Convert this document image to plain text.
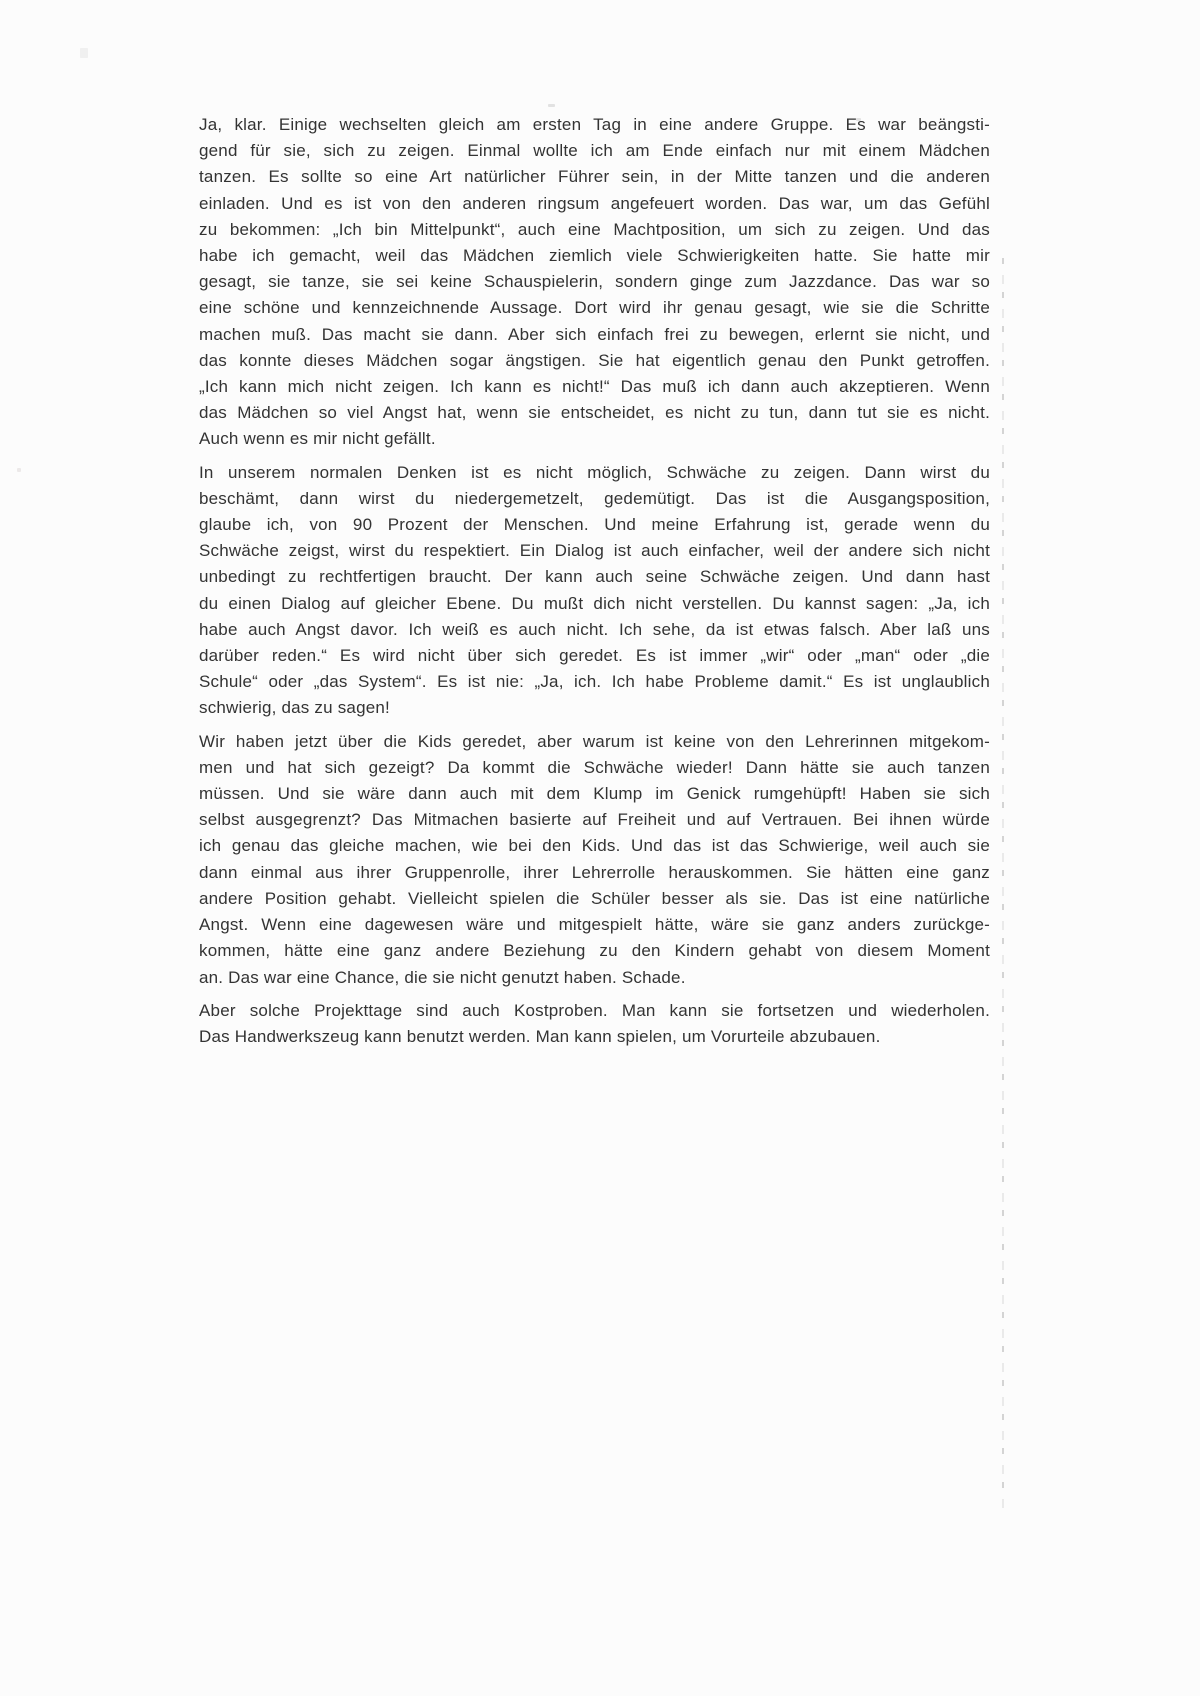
Ja, klar. Einige wechselten gleich am ersten Tag in eine andere Gruppe. Es war beängsti-
gend für sie, sich zu zeigen. Einmal wollte ich am Ende einfach nur mit einem Mädchen
tanzen. Es sollte so eine Art natürlicher Führer sein, in der Mitte tanzen und die anderen
einladen. Und es ist von den anderen ringsum angefeuert worden. Das war, um das Gefühl
zu bekommen: „Ich bin Mittelpunkt“, auch eine Machtposition, um sich zu zeigen. Und das
habe ich gemacht, weil das Mädchen ziemlich viele Schwierigkeiten hatte. Sie hatte mir
gesagt, sie tanze, sie sei keine Schauspielerin, sondern ginge zum Jazzdance. Das war so
eine schöne und kennzeichnende Aussage. Dort wird ihr genau gesagt, wie sie die Schritte
machen muß. Das macht sie dann. Aber sich einfach frei zu bewegen, erlernt sie nicht, und
das konnte dieses Mädchen sogar ängstigen. Sie hat eigentlich genau den Punkt getroffen.
„Ich kann mich nicht zeigen. Ich kann es nicht!“ Das muß ich dann auch akzeptieren. Wenn
das Mädchen so viel Angst hat, wenn sie entscheidet, es nicht zu tun, dann tut sie es nicht.
Auch wenn es mir nicht gefällt.
In unserem normalen Denken ist es nicht möglich, Schwäche zu zeigen. Dann wirst du
beschämt, dann wirst du niedergemetzelt, gedemütigt. Das ist die Ausgangsposition,
glaube ich, von 90 Prozent der Menschen. Und meine Erfahrung ist, gerade wenn du
Schwäche zeigst, wirst du respektiert. Ein Dialog ist auch einfacher, weil der andere sich nicht
unbedingt zu rechtfertigen braucht. Der kann auch seine Schwäche zeigen. Und dann hast
du einen Dialog auf gleicher Ebene. Du mußt dich nicht verstellen. Du kannst sagen: „Ja, ich
habe auch Angst davor. Ich weiß es auch nicht. Ich sehe, da ist etwas falsch. Aber laß uns
darüber reden.“ Es wird nicht über sich geredet. Es ist immer „wir“ oder „man“ oder „die
Schule“ oder „das System“. Es ist nie: „Ja, ich. Ich habe Probleme damit.“ Es ist unglaublich
schwierig, das zu sagen!
Wir haben jetzt über die Kids geredet, aber warum ist keine von den Lehrerinnen mitgekom-
men und hat sich gezeigt? Da kommt die Schwäche wieder! Dann hätte sie auch tanzen
müssen. Und sie wäre dann auch mit dem Klump im Genick rumgehüpft! Haben sie sich
selbst ausgegrenzt? Das Mitmachen basierte auf Freiheit und auf Vertrauen. Bei ihnen würde
ich genau das gleiche machen, wie bei den Kids. Und das ist das Schwierige, weil auch sie
dann einmal aus ihrer Gruppenrolle, ihrer Lehrerrolle herauskommen. Sie hätten eine ganz
andere Position gehabt. Vielleicht spielen die Schüler besser als sie. Das ist eine natürliche
Angst. Wenn eine dagewesen wäre und mitgespielt hätte, wäre sie ganz anders zurückge-
kommen, hätte eine ganz andere Beziehung zu den Kindern gehabt von diesem Moment
an. Das war eine Chance, die sie nicht genutzt haben. Schade.
Aber solche Projekttage sind auch Kostproben. Man kann sie fortsetzen und wiederholen.
Das Handwerkszeug kann benutzt werden. Man kann spielen, um Vorurteile abzubauen.
